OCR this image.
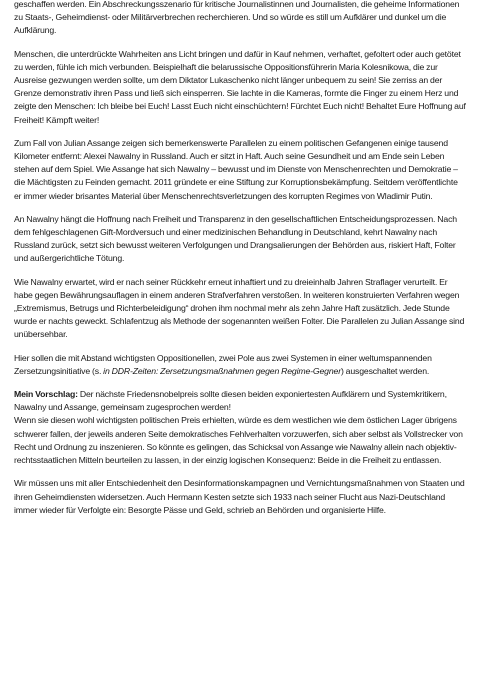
geschaffen werden. Ein Abschreckungsszenario für kritische Journalistinnen und Journalisten, die geheime Informationen zu Staats-, Geheimdienst- oder Militärverbrechen recherchieren. Und so würde es still um Aufklärer und dunkel um die Aufklärung.

Menschen, die unterdrückte Wahrheiten ans Licht bringen und dafür in Kauf nehmen, verhaftet, gefoltert oder auch getötet zu werden, fühle ich mich verbunden. Beispielhaft die belarussische Oppositionsführerin Maria Kolesnikowa, die zur Ausreise gezwungen werden sollte, um dem Diktator Lukaschenko nicht länger unbequem zu sein! Sie zerriss an der Grenze demonstrativ ihren Pass und ließ sich einsperren. Sie lachte in die Kameras, formte die Finger zu einem Herz und zeigte den Menschen: Ich bleibe bei Euch! Lasst Euch nicht einschüchtern! Fürchtet Euch nicht! Behaltet Eure Hoffnung auf Freiheit! Kämpft weiter!

Zum Fall von Julian Assange zeigen sich bemerkenswerte Parallelen zu einem politischen Gefangenen einige tausend Kilometer entfernt: Alexei Nawalny in Russland. Auch er sitzt in Haft. Auch seine Gesundheit und am Ende sein Leben stehen auf dem Spiel. Wie Assange hat sich Nawalny – bewusst und im Dienste von Menschenrechten und Demokratie – die Mächtigsten zu Feinden gemacht. 2011 gründete er eine Stiftung zur Korruptionsbekämpfung. Seitdem veröffentlichte er immer wieder brisantes Material über Menschenrechtsverletzungen des korrupten Regimes von Wladimir Putin.

An Nawalny hängt die Hoffnung nach Freiheit und Transparenz in den gesellschaftlichen Entscheidungsprozessen. Nach dem fehlgeschlagenen Gift-Mordversuch und einer medizinischen Behandlung in Deutschland, kehrt Nawalny nach Russland zurück, setzt sich bewusst weiteren Verfolgungen und Drangsalierungen der Behörden aus, riskiert Haft, Folter und außergerichtliche Tötung.

Wie Nawalny erwartet, wird er nach seiner Rückkehr erneut inhaftiert und zu dreieinhalb Jahren Straflager verurteilt. Er habe gegen Bewährungsauflagen in einem anderen Strafverfahren verstoßen. In weiteren konstruierten Verfahren wegen „Extremismus, Betrugs und Richterbeleidigung“ drohen ihm nochmal mehr als zehn Jahre Haft zusätzlich. Jede Stunde wurde er nachts geweckt. Schlafentzug als Methode der sogenannten weißen Folter. Die Parallelen zu Julian Assange sind unübersehbar.

Hier sollen die mit Abstand wichtigsten Oppositionellen, zwei Pole aus zwei Systemen in einer weltumspannenden Zersetzungsinitiative (s. in DDR-Zeiten: Zersetzungsmaßnahmen gegen Regime-Gegner) ausgeschaltet werden.

Mein Vorschlag: Der nächste Friedensnobelpreis sollte diesen beiden exponiertesten Aufklärern und Systemkritikern, Nawalny und Assange, gemeinsam zugesprochen werden!
Wenn sie diesen wohl wichtigsten politischen Preis erhielten, würde es dem westlichen wie dem östlichen Lager übrigens schwerer fallen, der jeweils anderen Seite demokratisches Fehlverhalten vorzuwerfen, sich aber selbst als Vollstrecker von Recht und Ordnung zu inszenieren. So könnte es gelingen, das Schicksal von Assange wie Nawalny allein nach objektiv-rechtsstaatlichen Mitteln beurteilen zu lassen, in der einzig logischen Konsequenz: Beide in die Freiheit zu entlassen.

Wir müssen uns mit aller Entschiedenheit den Desinformationskampagnen und Vernichtungsmaßnahmen von Staaten und ihren Geheimdiensten widersetzen. Auch Hermann Kesten setzte sich 1933 nach seiner Flucht aus Nazi-Deutschland immer wieder für Verfolgte ein: Besorgte Pässe und Geld, schrieb an Behörden und organisierte Hilfe.
